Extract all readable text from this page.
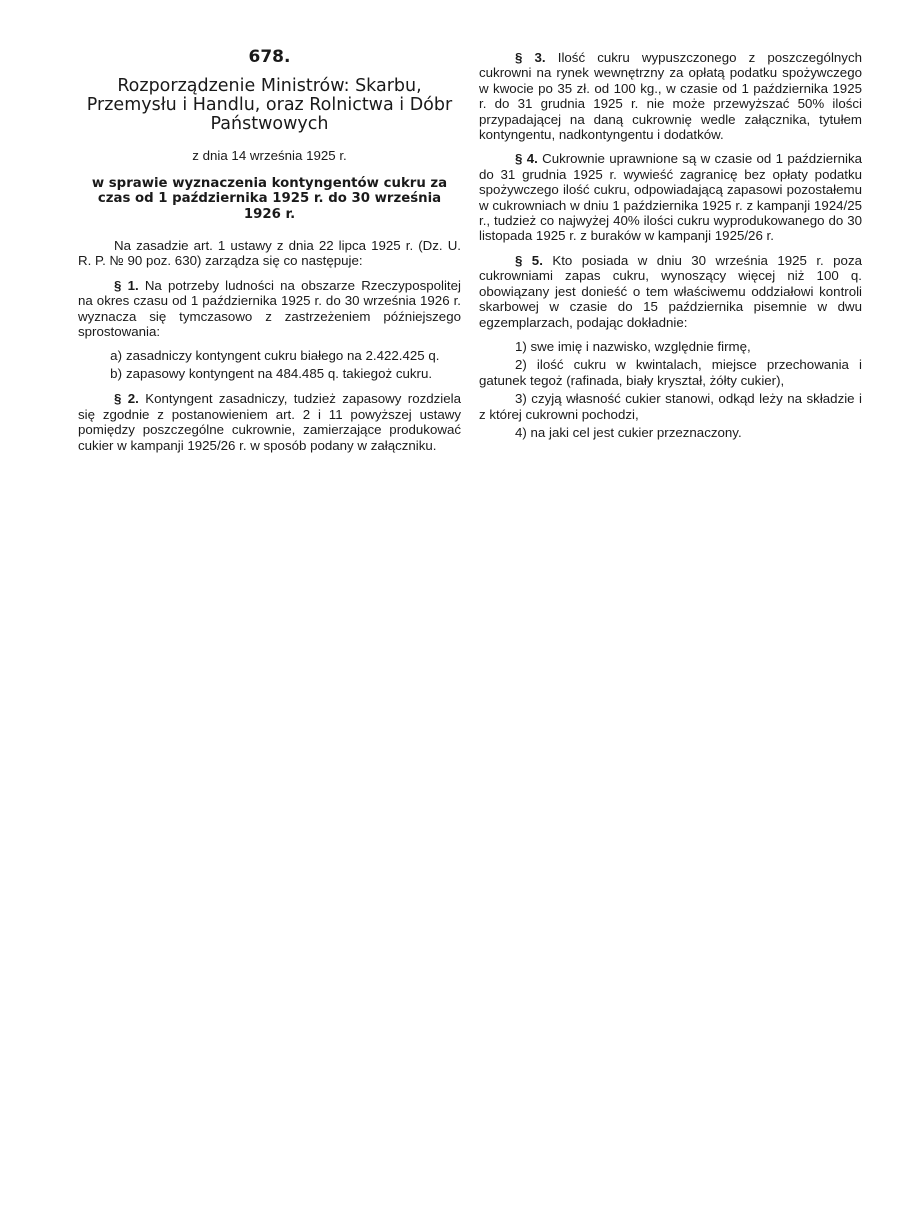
678.
Rozporządzenie Ministrów: Skarbu, Przemysłu i Handlu, oraz Rolnictwa i Dóbr Państwowych
z dnia 14 września 1925 r.
w sprawie wyznaczenia kontyngentów cukru za czas od 1 października 1925 r. do 30 września 1926 r.

Na zasadzie art. 1 ustawy z dnia 22 lipca 1925 r. (Dz. U. R. P. № 90 poz. 630) zarządza się co następuje:

§ 1. Na potrzeby ludności na obszarze Rzeczypospolitej na okres czasu od 1 października 1925 r. do 30 września 1926 r. wyznacza się tymczasowo z zastrzeżeniem późniejszego sprostowania:

a) zasadniczy kontyngent cukru białego na 2.422.425 q.
b) zapasowy kontyngent na 484.485 q. takiegoż cukru.

§ 2. Kontyngent zasadniczy, tudzież zapasowy rozdziela się zgodnie z postanowieniem art. 2 i 11 powyższej ustawy pomiędzy poszczególne cukrownie, zamierzające produkować cukier w kampanji 1925/26 r. w sposób podany w załączniku.

§ 3. Ilość cukru wypuszczonego z poszczególnych cukrowni na rynek wewnętrzny za opłatą podatku spożywczego w kwocie po 35 zł. od 100 kg., w czasie od 1 października 1925 r. do 31 grudnia 1925 r. nie może przewyższać 50% ilości przypadającej na daną cukrownię wedle załącznika, tytułem kontyngentu, nadkontyngentu i dodatków.

§ 4. Cukrownie uprawnione są w czasie od 1 października do 31 grudnia 1925 r. wywieść zagranicę bez opłaty podatku spożywczego ilość cukru, odpowiadającą zapasowi pozostałemu w cukrowniach w dniu 1 października 1925 r. z kampanji 1924/25 r., tudzież co najwyżej 40% ilości cukru wyprodukowanego do 30 listopada 1925 r. z buraków w kampanji 1925/26 r.

§ 5. Kto posiada w dniu 30 września 1925 r. poza cukrowniami zapas cukru, wynoszący więcej niż 100 q. obowiązany jest donieść o tem właściwemu oddziałowi kontroli skarbowej w czasie do 15 października pisemnie w dwu egzemplarzach, podając dokładnie:

1) swe imię i nazwisko, względnie firmę,

2) ilość cukru w kwintalach, miejsce przechowania i gatunek tegoż (rafinada, biały kryształ, żółty cukier),

3) czyją własność cukier stanowi, odkąd leży na składzie i z której cukrowni pochodzi,

4) na jaki cel jest cukier przeznaczony.
